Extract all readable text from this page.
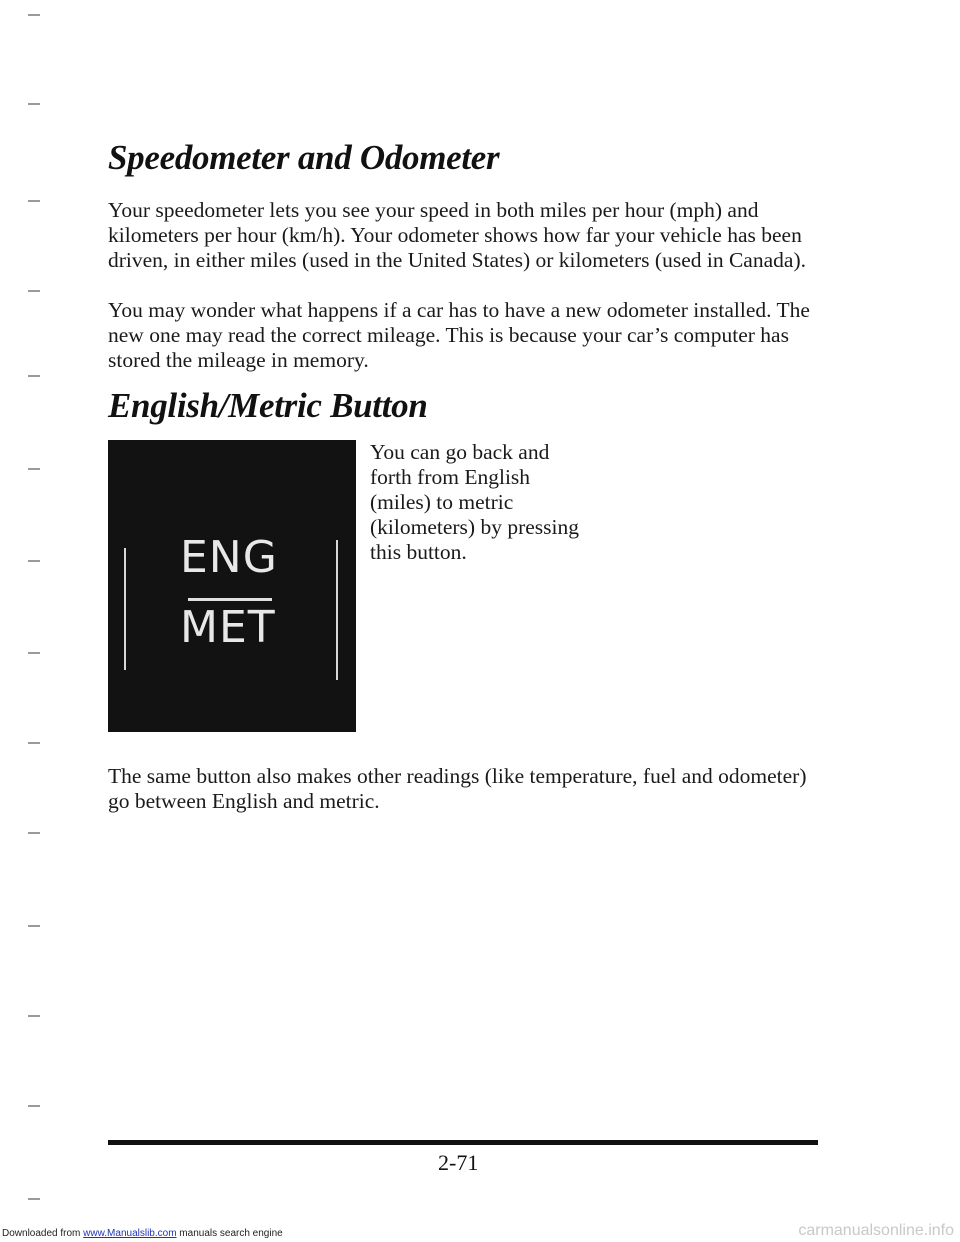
Speedometer and Odometer

Your speedometer lets you see your speed in both miles per hour (mph) and kilometers per hour (km/h). Your odometer shows how far your vehicle has been driven, in either miles (used in the United States) or kilometers (used in Canada).

You may wonder what happens if a car has to have a new odometer installed. The new one may read the correct mileage. This is because your car’s computer has stored the mileage in memory.

English/Metric Button
ENG
MET

You can go back and forth from English (miles) to metric (kilometers) by pressing this button.

The same button also makes other readings (like temperature, fuel and odometer) go between English and metric.

2-71
Downloaded from www.Manualslib.com manuals search engine	carmanualsonline.info
